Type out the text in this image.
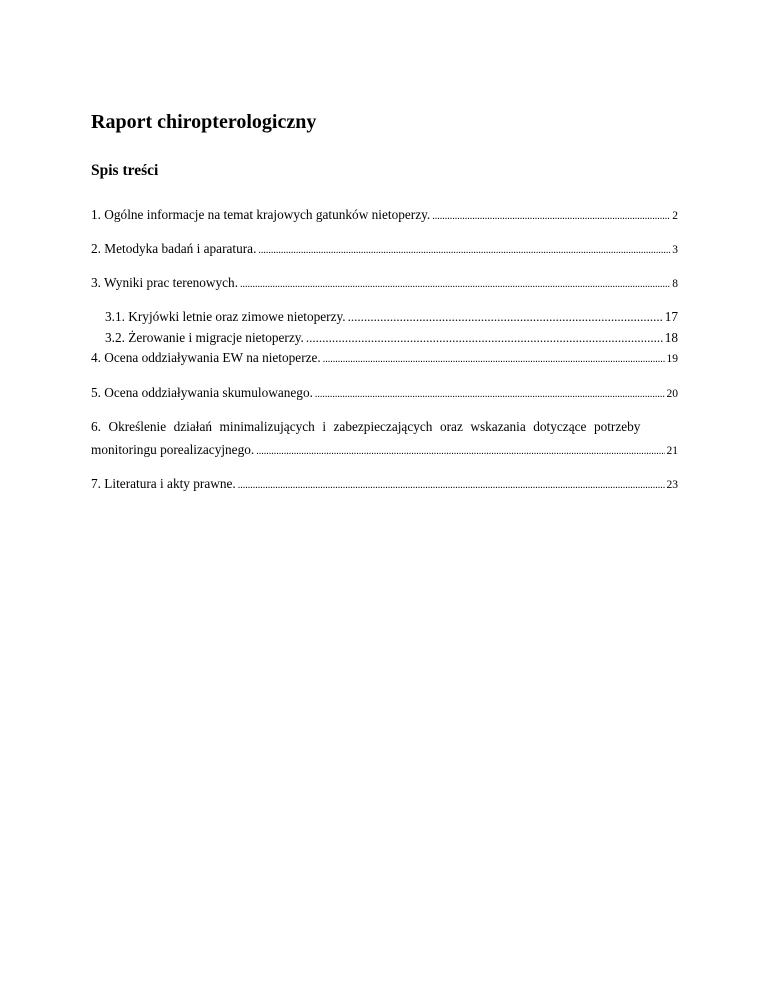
Raport chiropterologiczny
Spis treści
1. Ogólne informacje na temat krajowych gatunków nietoperzy. .....	2
2. Metodyka badań i aparatura. .....	3
3. Wyniki prac terenowych. .....	8
3.1. Kryjówki letnie oraz zimowe nietoperzy. .....	17
3.2. Żerowanie i migracje nietoperzy. .....	18
4. Ocena oddziaływania EW na nietoperze. .....	19
5. Ocena oddziaływania skumulowanego. .....	20
6. Określenie działań minimalizujących i zabezpieczających oraz wskazania dotyczące potrzeby
monitoringu porealizacyjnego. .....	21
7. Literatura i akty prawne. .....	23
